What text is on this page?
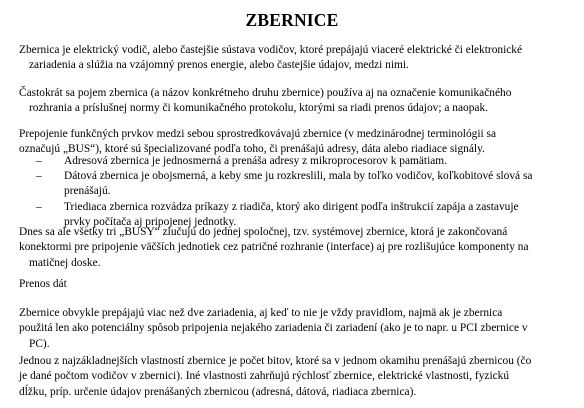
ZBERNICE
Zbernica je elektrický vodič, alebo častejšie sústava vodičov, ktoré prepájajú viaceré elektrické či elektronické
zariadenia a slúžia na vzájomný prenos energie, alebo častejšie údajov, medzi nimi.
Častokrát sa pojem zbernica (a názov konkrétneho druhu zbernice) používa aj na označenie komunikačného
rozhrania a príslušnej normy či komunikačného protokolu, ktorými sa riadi prenos údajov; a naopak.
Prepojenie funkčných prvkov medzi sebou sprostredkovávajú zbernice (v medzinárodnej terminológii sa
označujú „BUS“), ktoré sú špecializované podľa toho, či prenášajú adresy, dáta alebo riadiace signály.
– Adresová zbernica je jednosmerná a prenáša adresy z mikroprocesorov k pamätiam.
– Dátová zbernica je obojsmerná, a keby sme ju rozkreslili, mala by toľko vodičov, koľkobitové slová sa
prenášajú.
– Triediaca zbernica rozvádza príkazy z riadiča, ktorý ako dirigent podľa inštrukcií zapája a zastavuje
prvky počítača aj pripojenej jednotky.
Dnes sa ale všetky tri „BUSY“ zlučujú do jednej spoločnej, tzv. systémovej zbernice, ktorá je zakončovaná
konektormi pre pripojenie väčších jednotiek cez patričné rozhranie (interface) aj pre rozlišujúce komponenty na
matičnej doske.
Prenos dát
Zbernice obvykle prepájajú viac než dve zariadenia, aj keď to nie je vždy pravidlom, najmä ak je zbernica
použitá len ako potenciálny spôsob pripojenia nejakého zariadenia či zariadení (ako je to napr. u PCI zbernice v
PC).
Jednou z najzákladnejších vlastností zbernice je počet bitov, ktoré sa v jednom okamihu prenášajú zbernicou (čo
je dané počtom vodičov v zbernici). Iné vlastnosti zahrňujú rýchlosť zbernice, elektrické vlastnosti, fyzickú
dĺžku, príp. určenie údajov prenášaných zbernicou (adresná, dátová, riadiaca zbernica).
